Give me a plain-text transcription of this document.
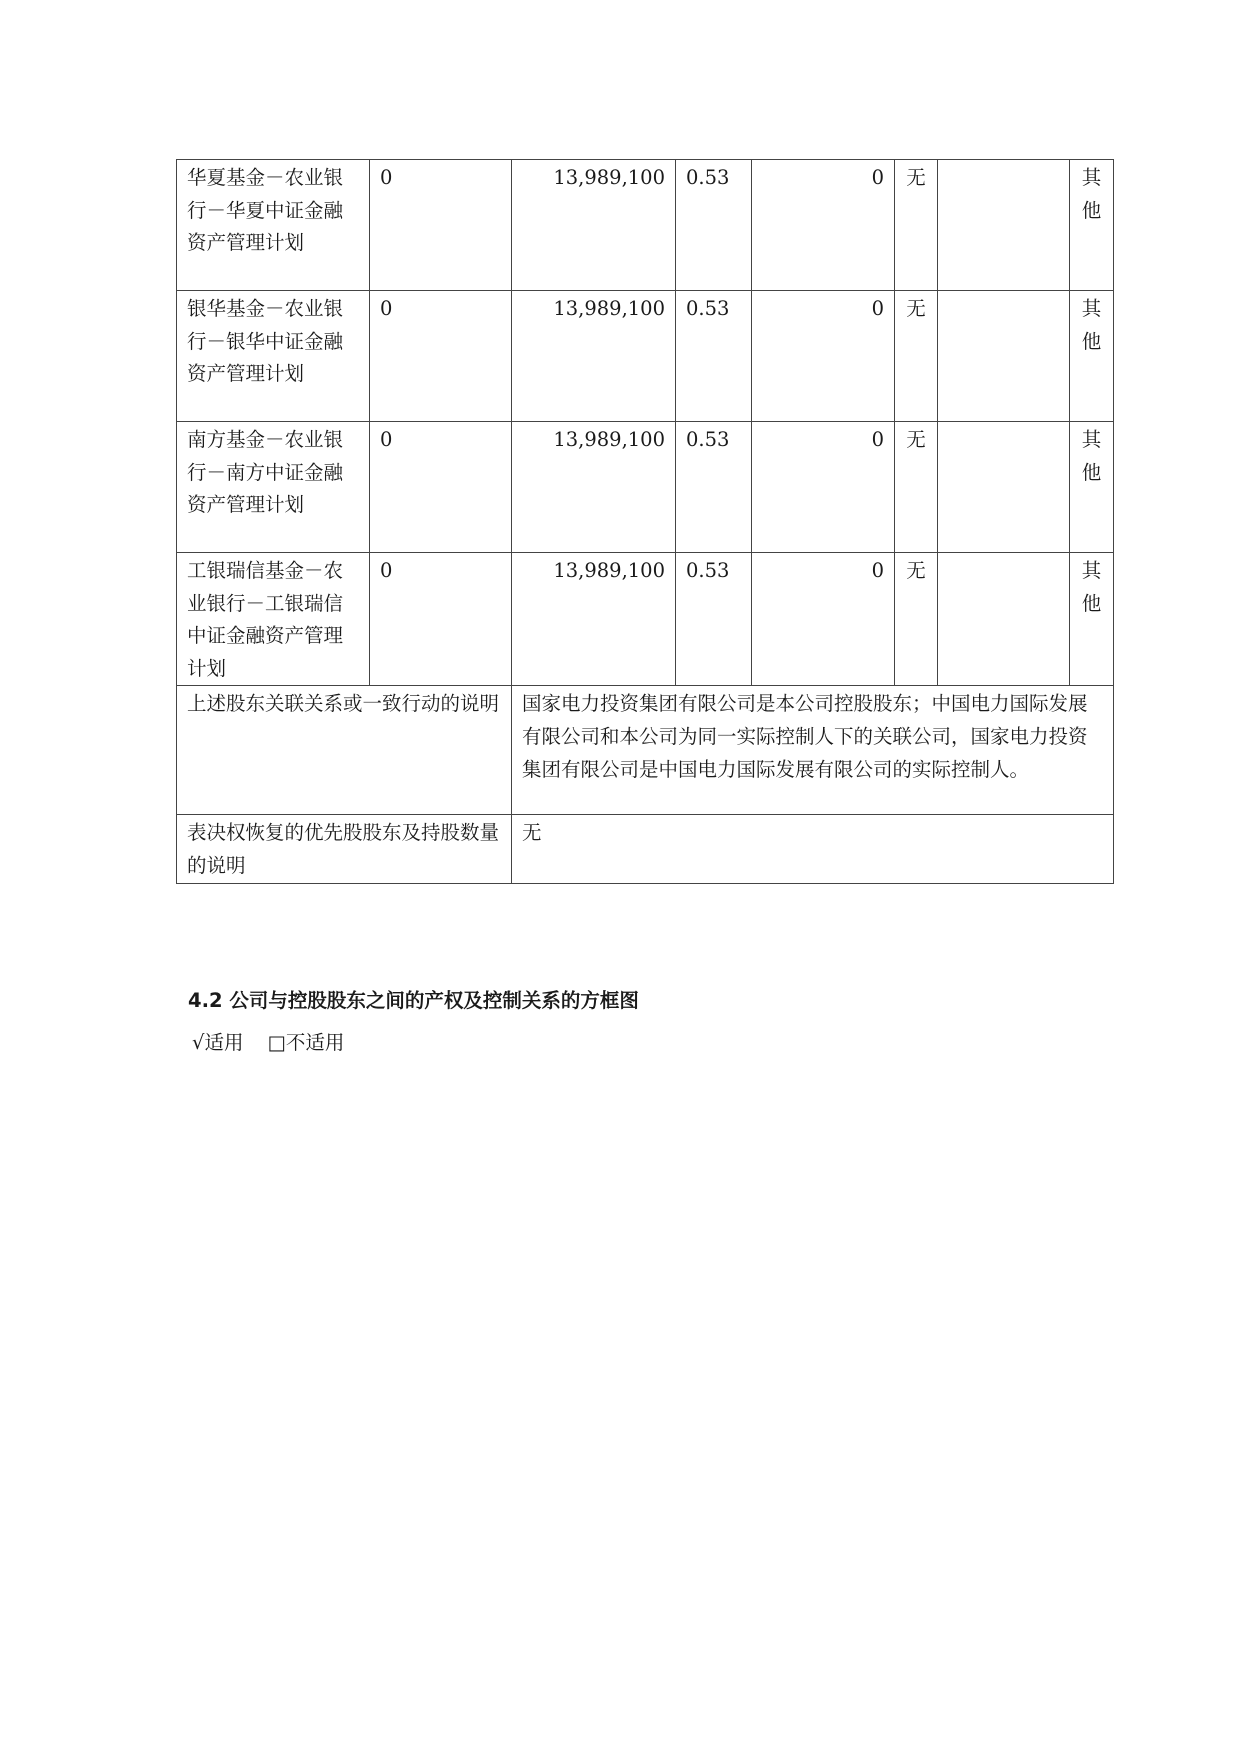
华夏基金－农业银行－华夏中证金融资产管理计划	0	13,989,100	0.53	0	无		其他

银华基金－农业银行－银华中证金融资产管理计划	0	13,989,100	0.53	0	无		其他

南方基金－农业银行－南方中证金融资产管理计划	0	13,989,100	0.53	0	无		其他

工银瑞信基金－农业银行－工银瑞信中证金融资产管理计划	0	13,989,100	0.53	0	无		其他

上述股东关联关系或一致行动的说明		国家电力投资集团有限公司是本公司控股股东；中国电力国际发展有限公司和本公司为同一实际控制人下的关联公司，国家电力投资集团有限公司是中国电力国际发展有限公司的实际控制人。					

表决权恢复的优先股股东及持股数量的说明		无					
4.2 公司与控股股东之间的产权及控制关系的方框图
√适用 □不适用
